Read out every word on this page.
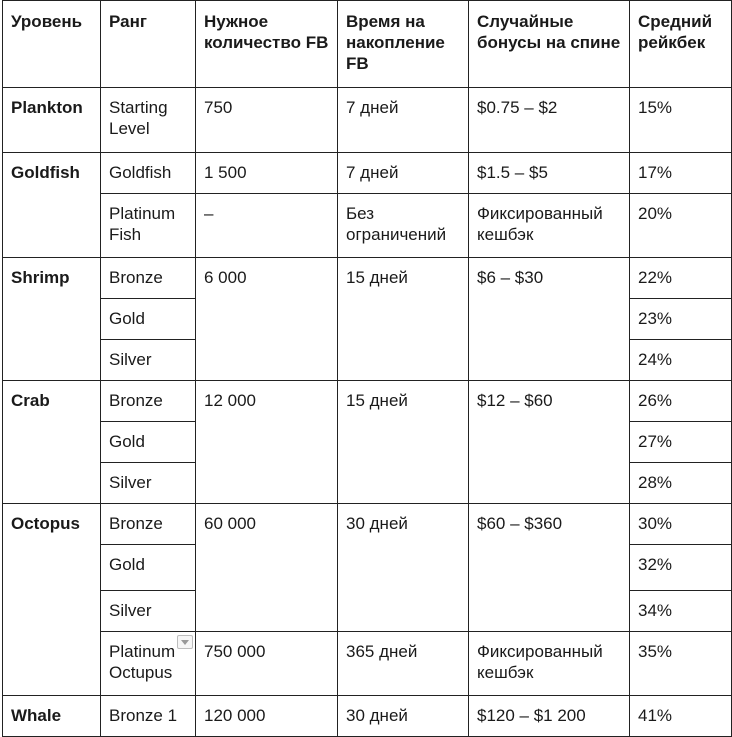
Уровень	Ранг	Нужное количество FB	Время на накопление FB	Случайные бонусы на спине	Средний рейкбек
Plankton	Starting Level	750	7 дней	$0.75 – $2	15%
Goldfish	Goldfish	1 500	7 дней	$1.5 – $5	17%
	Platinum Fish	–	Без ограничений	Фиксированный кешбэк	20%
Shrimp	Bronze	6 000	15 дней	$6 – $30	22%
	Gold				23%
	Silver				24%
Crab	Bronze	12 000	15 дней	$12 – $60	26%
	Gold				27%
	Silver				28%
Octopus	Bronze	60 000	30 дней	$60 – $360	30%
	Gold				32%
	Silver				34%
	Platinum Octupus	750 000	365 дней	Фиксированный кешбэк	35%
Whale	Bronze 1	120 000	30 дней	$120 – $1 200	41%
